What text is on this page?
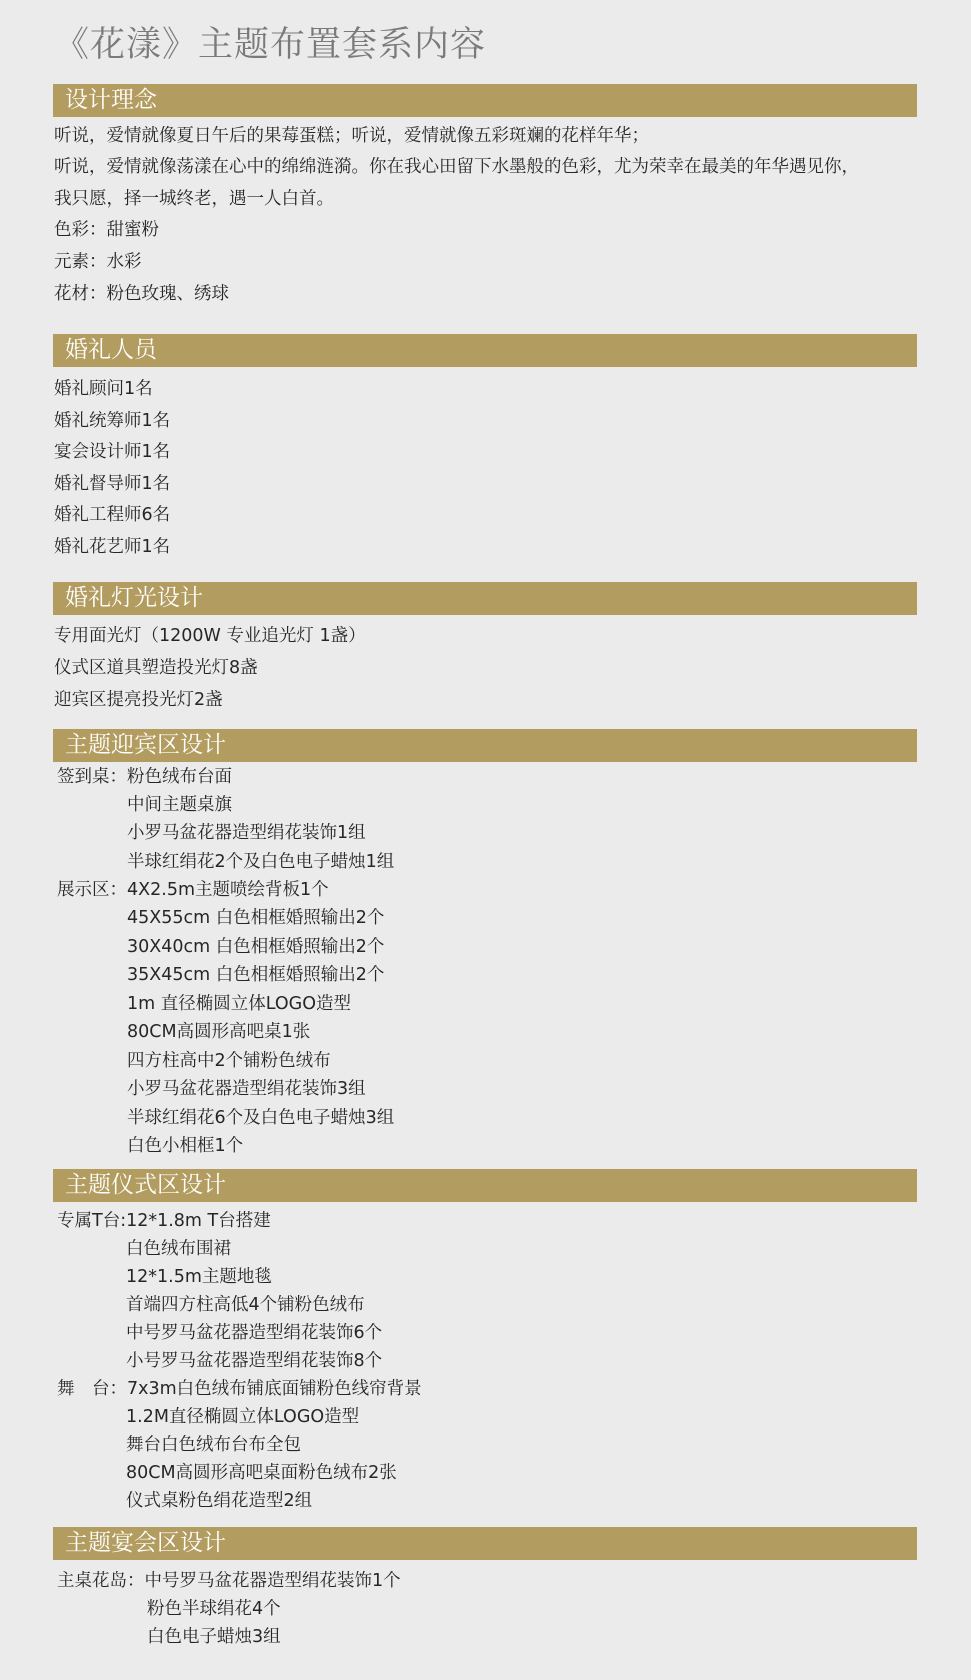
《花漾》主题布置套系内容
设计理念
听说，爱情就像夏日午后的果莓蛋糕；听说，爱情就像五彩斑斓的花样年华；
听说，爱情就像荡漾在心中的绵绵涟漪。你在我心田留下水墨般的色彩，尤为荣幸在最美的年华遇见你，
我只愿，择一城终老，遇一人白首。
色彩：甜蜜粉
元素：水彩
花材：粉色玫瑰、绣球
婚礼人员
婚礼顾问1名
婚礼统筹师1名
宴会设计师1名
婚礼督导师1名
婚礼工程师6名
婚礼花艺师1名
婚礼灯光设计
专用面光灯（1200W 专业追光灯 1盏）
仪式区道具塑造投光灯8盏
迎宾区提亮投光灯2盏
主题迎宾区设计
签到桌：粉色绒布台面
中间主题桌旗
小罗马盆花器造型绢花装饰1组
半球红绢花2个及白色电子蜡烛1组
展示区：4X2.5m主题喷绘背板1个
45X55cm 白色相框婚照输出2个
30X40cm 白色相框婚照输出2个
35X45cm 白色相框婚照输出2个
1m 直径椭圆立体LOGO造型
80CM高圆形高吧桌1张
四方柱高中2个铺粉色绒布
小罗马盆花器造型绢花装饰3组
半球红绢花6个及白色电子蜡烛3组
白色小相框1个
主题仪式区设计
专属T台:12*1.8m T台搭建
白色绒布围裙
12*1.5m主题地毯
首端四方柱高低4个铺粉色绒布
中号罗马盆花器造型绢花装饰6个
小号罗马盆花器造型绢花装饰8个
舞　台：7x3m白色绒布铺底面铺粉色线帘背景
1.2M直径椭圆立体LOGO造型
舞台白色绒布台布全包
80CM高圆形高吧桌面粉色绒布2张
仪式桌粉色绢花造型2组
主题宴会区设计
主桌花岛：中号罗马盆花器造型绢花装饰1个
粉色半球绢花4个
白色电子蜡烛3组
